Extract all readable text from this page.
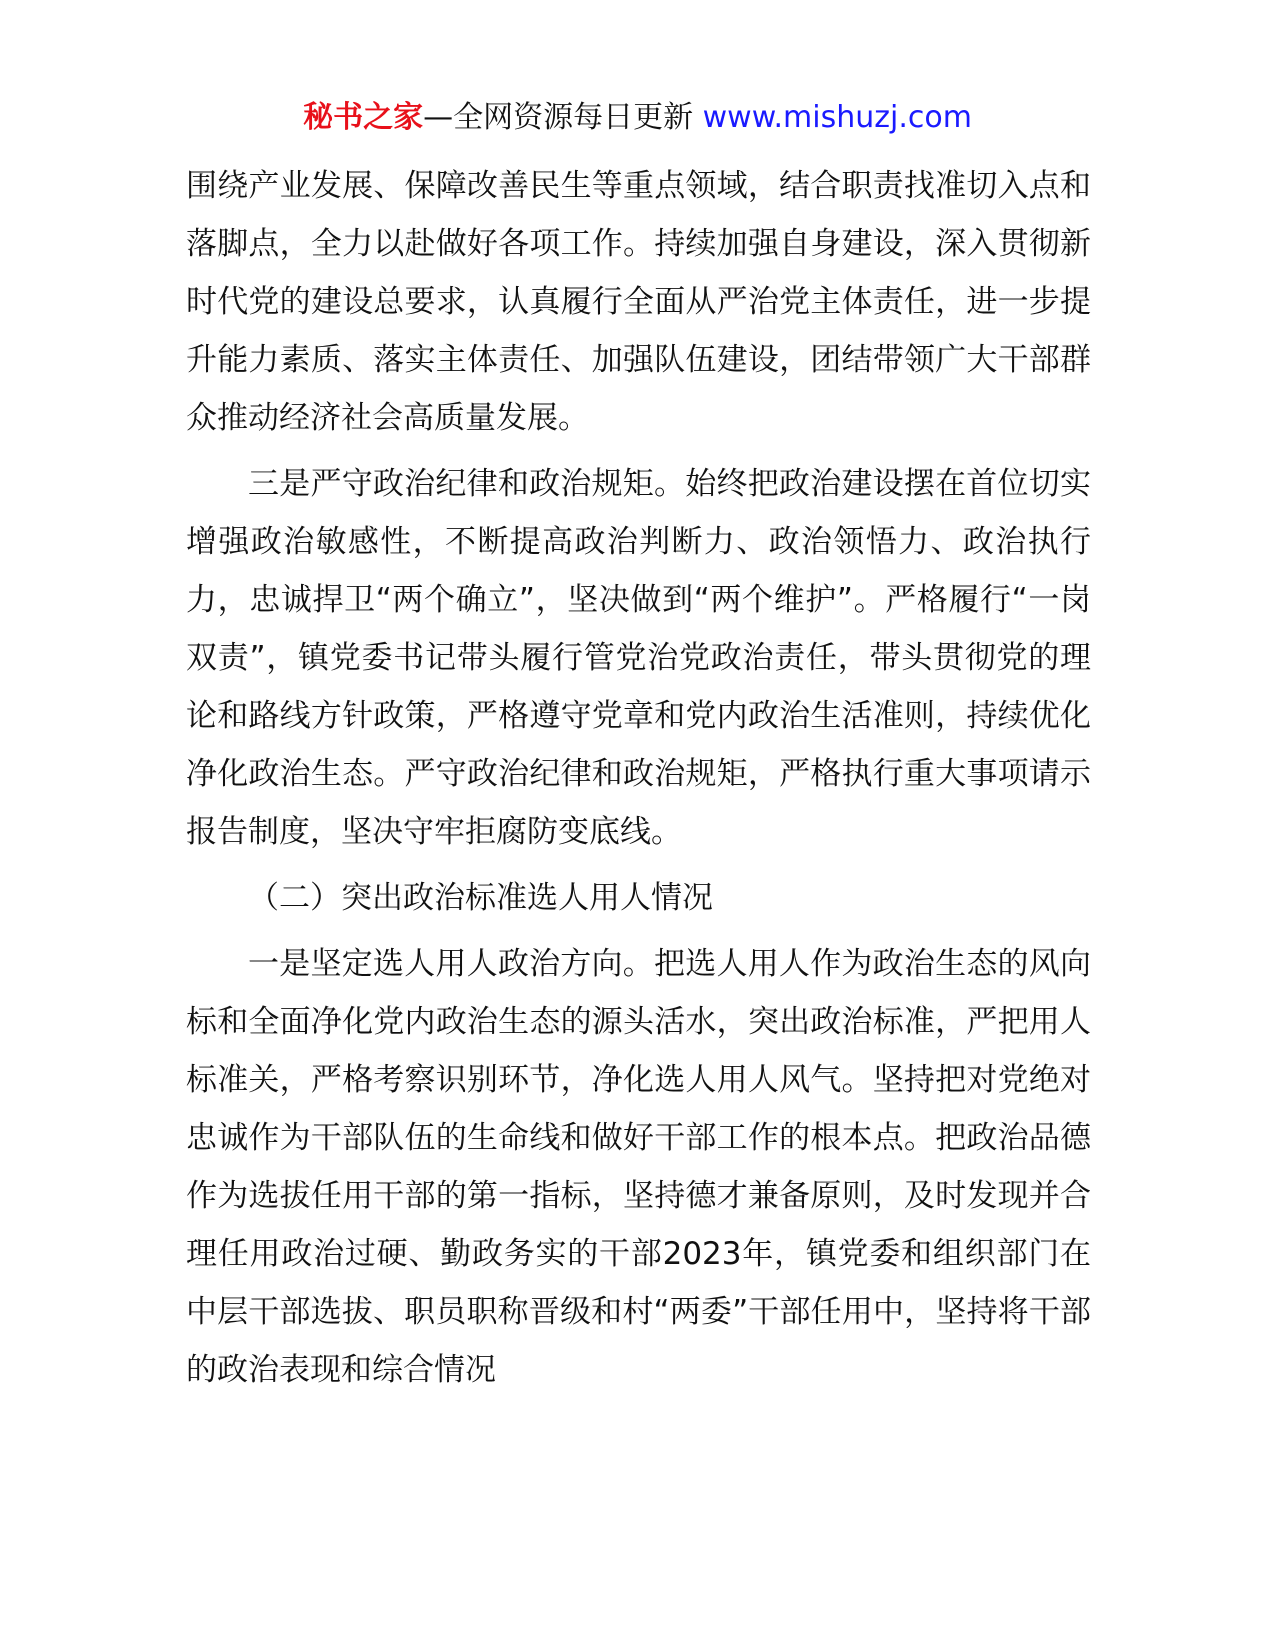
秘书之家—全网资源每日更新 www.mishuzj.com

围绕产业发展、保障改善民生等重点领域，结合职责找准切入点和落脚点，全力以赴做好各项工作。持续加强自身建设，深入贯彻新时代党的建设总要求，认真履行全面从严治党主体责任，进一步提升能力素质、落实主体责任、加强队伍建设，团结带领广大干部群众推动经济社会高质量发展。

三是严守政治纪律和政治规矩。始终把政治建设摆在首位切实增强政治敏感性，不断提高政治判断力、政治领悟力、政治执行力，忠诚捍卫“两个确立”，坚决做到“两个维护”。严格履行“一岗双责”，镇党委书记带头履行管党治党政治责任，带头贯彻党的理论和路线方针政策，严格遵守党章和党内政治生活准则，持续优化净化政治生态。严守政治纪律和政治规矩，严格执行重大事项请示报告制度，坚决守牢拒腐防变底线。

（二）突出政治标准选人用人情况

一是坚定选人用人政治方向。把选人用人作为政治生态的风向标和全面净化党内政治生态的源头活水，突出政治标准，严把用人标准关，严格考察识别环节，净化选人用人风气。坚持把对党绝对忠诚作为干部队伍的生命线和做好干部工作的根本点。把政治品德作为选拔任用干部的第一指标，坚持德才兼备原则，及时发现并合理任用政治过硬、勤政务实的干部2023年，镇党委和组织部门在中层干部选拔、职员职称晋级和村“两委”干部任用中，坚持将干部的政治表现和综合情况
